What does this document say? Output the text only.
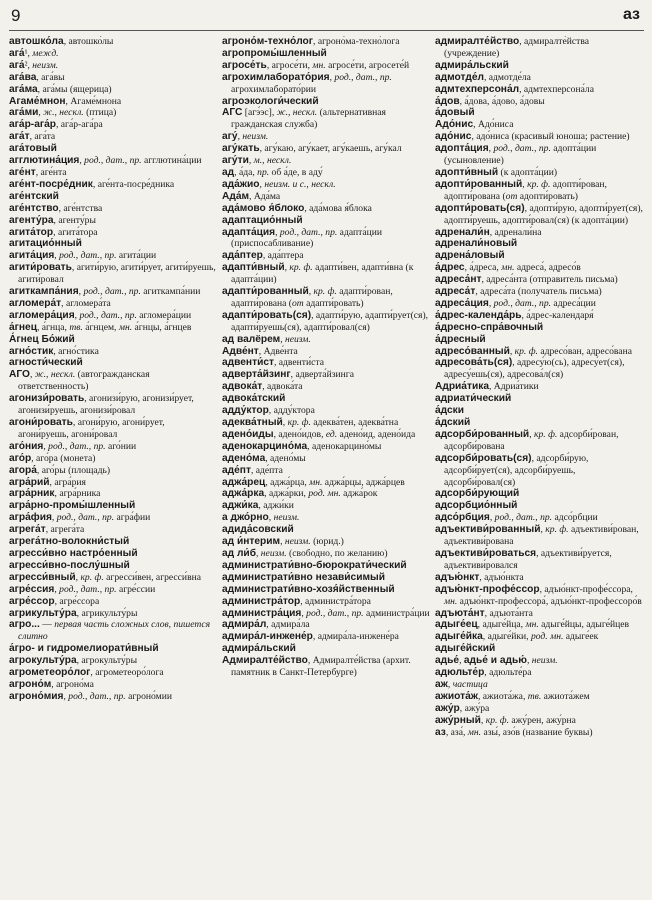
9	аз

автошко́ла, автошко́лы

ага́¹, межд.

ага́², неизм.

ага́ва, ага́вы

ага́ма, ага́мы (ящерица)

Агаме́мнон, Агаме́мнона

ага́ми, ж., нескл. (птица)

ага́р-ага́р, ага́р-ага́ра

ага́т, ага́та

ага́товый

агглютина́ция, род., дат., пр. агглютина́ции

аге́нт, аге́нта

аге́нт-посре́дник, аге́нта-посре́дника

аге́нтский

аге́нтство, аге́нтства

агенту́ра, агенту́ры

агита́тор, агита́тора

агитацио́нный

агита́ция, род., дат., пр. агита́ции

агити́ровать, агити́рую, агити́рует, агити́руешь, агити́ровал

агиткампа́ния, род., дат., пр. агиткампа́нии

агломера́т, агломера́та

агломера́ция, род., дат., пр. агломера́ции

а́гнец, а́гнца, тв. а́гнцем, мн. а́гнцы, а́гнцев

А́гнец Бо́жий

агно́стик, агно́стика

агности́ческий

АГО, ж., нескл. (автогражданская ответственность)

агонизи́ровать, агонизи́рую, агонизи́рует, агонизи́руешь, агонизи́ровал

агони́ровать, агони́рую, агони́рует, агони́руешь, агони́ровал

аго́ния, род., дат., пр. аго́нии

аго́р, аго́ра (монета)

агора́, аго́ры (площадь)

агра́рий, агра́рия

агра́рник, агра́рника

агра́рно-промы́шленный

агра́фия, род., дат., пр. агра́фии

агрега́т, агрега́та

агрега́тно-волокни́стый

агресси́вно настро́енный

агресси́вно-послу́шный

агресси́вный, кр. ф. агресси́вен, агресси́вна

агре́ссия, род., дат., пр. агре́ссии

агре́ссор, агре́ссора

агрикульту́ра, агрикульту́ры

агро... — первая часть сложных слов, пишется слитно

а́гро- и гидромелиорати́вный

агрокульту́ра, агрокульту́ры

агрометеоро́лог, агрометеоро́лога

агроно́м, агроно́ма

агроно́мия, род., дат., пр. агроно́мии

агроно́м-техно́лог, агроно́ма-техно́лога

агропромы́шленный

агросе́ть, агросе́ти, мн. агросе́ти, агросете́й

агрохимлаборато́рия, род., дат., пр. агрохимлаборато́рии

агроэкологи́ческий

АГС [агэ́эс], ж., нескл. (альтернативная гражданская служба)

агу́, неизм.

агу́кать, агу́каю, агу́кает, агу́каешь, агу́кал

агу́ти, м., нескл.

ад, а́да, пр. об а́де, в аду́

ада́жио, неизм. и с., нескл.

Ада́м, Ада́ма

ада́мово я́блоко, ада́мова я́блока

адаптацио́нный

адапта́ция, род., дат., пр. адапта́ции (приспосабливание)

ада́птер, ада́птера

адапти́вный, кр. ф. адапти́вен, адапти́вна (к адапта́ции)

адапти́рованный, кр. ф. адапти́рован, адапти́рована (от адапти́ровать)

адапти́ровать(ся), адапти́рую, адапти́рует(ся), адапти́руешь(ся), адапти́ровал(ся)

ад валёрем, неизм.

Адве́нт, Адве́нта

адвенти́ст, адвенти́ста

адверта́йзинг, адверта́йзинга

адвока́т, адвока́та

адвока́тский

адду́ктор, адду́ктора

адеква́тный, кр. ф. адеква́тен, адеква́тна

адено́иды, адено́идов, ед. адено́ид, адено́ида

аденокарцино́ма, аденокарцино́мы

адено́ма, адено́мы

аде́пт, аде́пта

аджа́рец, аджа́рца, мн. аджа́рцы, аджа́рцев

аджа́рка, аджа́рки, род. мн. аджа́рок

аджи́ка, аджи́ки

а джо́рно, неизм.

адида́совский

ад и́нтерим, неизм. (юрид.)

ад ли́б, неизм. (свободно, по желанию)

администрати́вно-бюрократи́ческий

администрати́вно незави́симый

администрати́вно-хозя́йственный

администра́тор, администра́тора

администра́ция, род., дат., пр. администра́ции

адмира́л, адмира́ла

адмира́л-инжене́р, адмира́ла-инжене́ра

адмира́льский

Адмиралте́йство, Адмиралте́йства (архит. памятник в Санкт-Петербурге)

адмиралте́йство, адмиралте́йства (учреждение)

адмира́льский

адмотде́л, адмотде́ла

адмтехперсона́л, адмтехперсона́ла

а́дов, а́дова, а́дово, а́довы

а́довый

Адо́нис, Адо́ниса

адо́нис, адо́ниса (красивый юноша; растение)

адопта́ция, род., дат., пр. адопта́ции (усыновление)

адопти́вный (к адопта́ции)

адопти́рованный, кр. ф. адопти́рован, адопти́рована (от адопти́ровать)

адопти́ровать(ся), адопти́рую, адопти́рует(ся), адопти́руешь, адопти́ровал(ся) (к адопта́ции)

адренали́н, адренали́на

адренали́новый

адрена́ловый

а́дрес, а́дреса, мн. адреса́, адресо́в

адреса́нт, адреса́нта (отправитель письма)

адреса́т, адреса́та (получатель письма)

адреса́ция, род., дат., пр. адреса́ции

а́дрес-календа́рь, а́дрес-календаря́

а́дресно-спра́вочный

а́дресный

адресо́ванный, кр. ф. адресо́ван, адресо́вана

адресова́ть(ся), адресу́ю(сь), адресу́ет(ся), адресу́ешь(ся), адресова́л(ся)

Адриа́тика, Адриа́тики

адриати́ческий

а́дски

а́дский

адсорби́рованный, кр. ф. адсорби́рован, адсорби́рована

адсорби́ровать(ся), адсорби́рую, адсорби́рует(ся), адсорби́руешь, адсорби́ровал(ся)

адсорби́рующий

адсорбцио́нный

адсо́рбция, род., дат., пр. адсо́рбции

адъективи́рованный, кр. ф. адъективи́рован, адъективи́рована

адъективи́роваться, адъективи́руется, адъективи́ровался

адъю́нкт, адъю́нкта

адъю́нкт-профе́ссор, адъю́нкт-профе́ссора, мн. адъю́нкт-профессора́, адъю́нкт-профессоро́в

адъюта́нт, адъюта́нта

адыге́ец, адыге́йца, мн. адыге́йцы, адыге́йцев

адыге́йка, адыге́йки, род. мн. адыге́ек

адыге́йский

адье́, адье́ и адью́, неизм.

адюльте́р, адюльте́ра

аж, частица

ажиота́ж, ажиота́жа, тв. ажиота́жем

ажу́р, ажу́ра

ажу́рный, кр. ф. ажу́рен, ажу́рна

аз, аза́, мн. азы́, азо́в (название буквы)
